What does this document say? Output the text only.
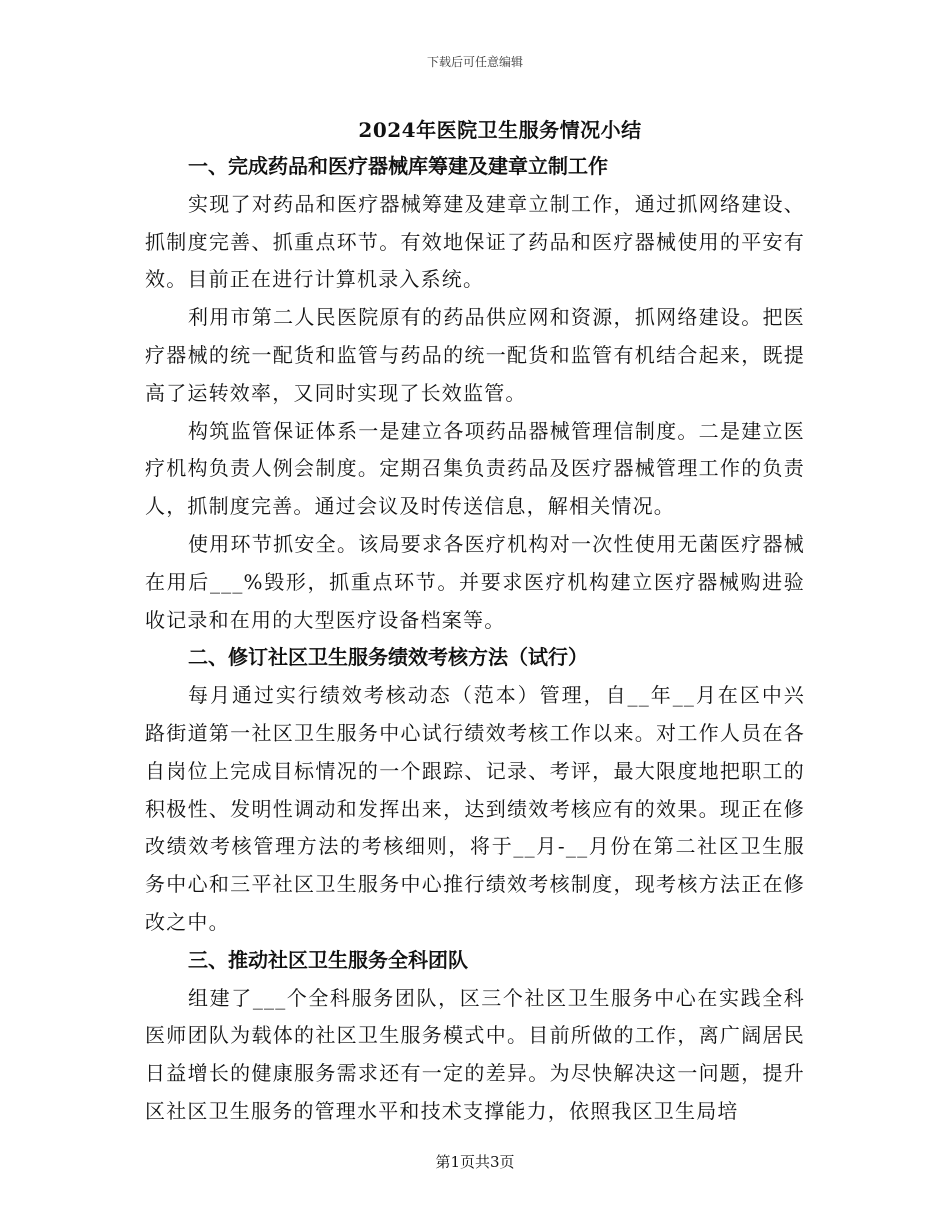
下载后可任意编辑
2024年医院卫生服务情况小结
一、完成药品和医疗器械库筹建及建章立制工作

实现了对药品和医疗器械筹建及建章立制工作，通过抓网络建设、抓制度完善、抓重点环节。有效地保证了药品和医疗器械使用的平安有效。目前正在进行计算机录入系统。

利用市第二人民医院原有的药品供应网和资源，抓网络建设。把医疗器械的统一配货和监管与药品的统一配货和监管有机结合起来，既提高了运转效率，又同时实现了长效监管。

构筑监管保证体系一是建立各项药品器械管理信制度。二是建立医疗机构负责人例会制度。定期召集负责药品及医疗器械管理工作的负责人，抓制度完善。通过会议及时传送信息，解相关情况。

使用环节抓安全。该局要求各医疗机构对一次性使用无菌医疗器械在用后___%毁形，抓重点环节。并要求医疗机构建立医疗器械购进验收记录和在用的大型医疗设备档案等。

二、修订社区卫生服务绩效考核方法（试行）

每月通过实行绩效考核动态（范本）管理，自__年__月在区中兴路街道第一社区卫生服务中心试行绩效考核工作以来。对工作人员在各自岗位上完成目标情况的一个跟踪、记录、考评，最大限度地把职工的积极性、发明性调动和发挥出来，达到绩效考核应有的效果。现正在修改绩效考核管理方法的考核细则，将于__月-__月份在第二社区卫生服务中心和三平社区卫生服务中心推行绩效考核制度，现考核方法正在修改之中。

三、推动社区卫生服务全科团队

组建了___个全科服务团队，区三个社区卫生服务中心在实践全科医师团队为载体的社区卫生服务模式中。目前所做的工作，离广阔居民日益增长的健康服务需求还有一定的差异。为尽快解决这一问题，提升区社区卫生服务的管理水平和技术支撑能力，依照我区卫生局培

第1页共3页
